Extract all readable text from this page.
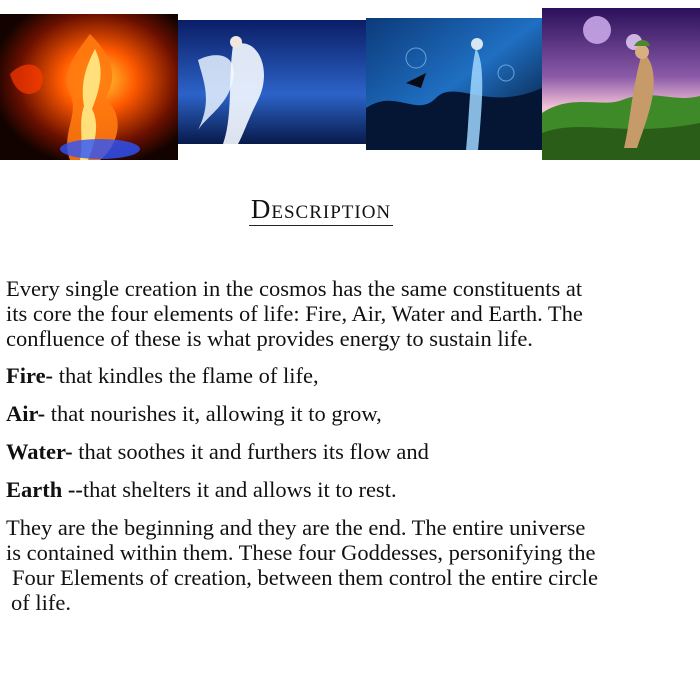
Description

Every single creation in the cosmos has the same constituents at
its core the four elements of life: Fire, Air, Water and Earth. The
confluence of these is what provides energy to sustain life.

Fire- that kindles the flame of life,

Air- that nourishes it, allowing it to grow,

Water- that soothes it and furthers its flow and

Earth --that shelters it and allows it to rest.

They are the beginning and they are the end. The entire universe
is contained within them. These four Goddesses, personifying the
Four Elements of creation, between them control the entire circle
of life.
